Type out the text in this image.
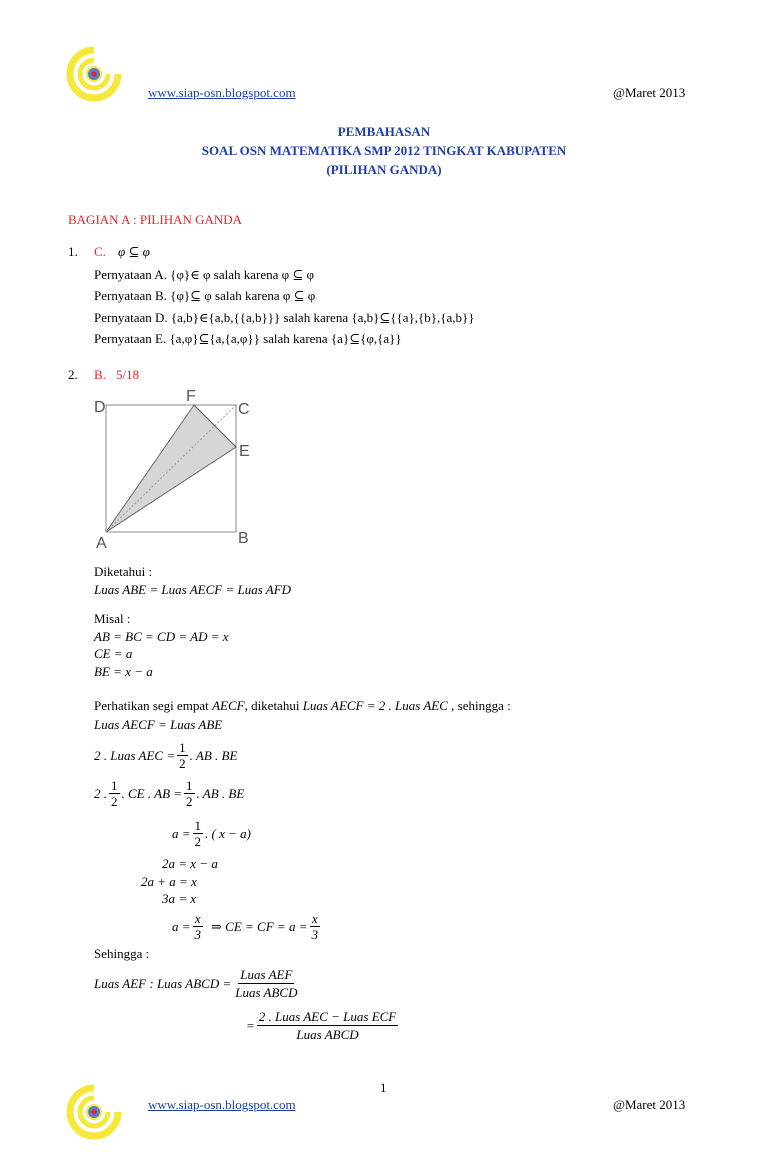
www.siap-osn.blogspot.com	@Maret 2013
PEMBAHASAN
SOAL OSN MATEMATIKA SMP 2012 TINGKAT KABUPATEN
(PILIHAN GANDA)
BAGIAN A : PILIHAN GANDA
1. C. φ ⊆ φ
Pernyataan A. {φ}∈ φ salah karena φ ⊆ φ
Pernyataan B. {φ}⊆ φ salah karena φ ⊆ φ
Pernyataan D. {a,b}∈{a,b,{{a,b}}} salah karena {a,b}⊆{{a},{b},{a,b}}
Pernyataan E. {a,φ}⊆{a,{a,φ}} salah karena {a}⊆{φ,{a}}
2. B. 5/18
D
F
C
E
A	B
Diketahui :
Luas ABE = Luas AECF = Luas AFD
Misal :
AB = BC = CD = AD = x
CE = a
BE = x − a
Perhatikan segi empat AECF, diketahui Luas AECF = 2 . Luas AEC , sehingga :
Luas AECF = Luas ABE
2 . Luas AEC = $\frac{1}{2}$ . AB . BE
2 . $\frac{1}{2}$ . CE . AB = $\frac{1}{2}$ . AB . BE
$a = \frac{1}{2}$ . ( x − a)
2a = x − a
2a + a = x
3a = x
$a = \frac{x}{3}$ ⇒ CE = CF = $a = \frac{x}{3}$
Sehingga :
Luas AEF : Luas ABCD = $\frac{\text{Luas AEF}}{\text{Luas ABCD}}$
= $\frac{\text{2 . Luas AEC − Luas ECF}}{\text{Luas ABCD}}$
1
www.siap-osn.blogspot.com	@Maret 2013
